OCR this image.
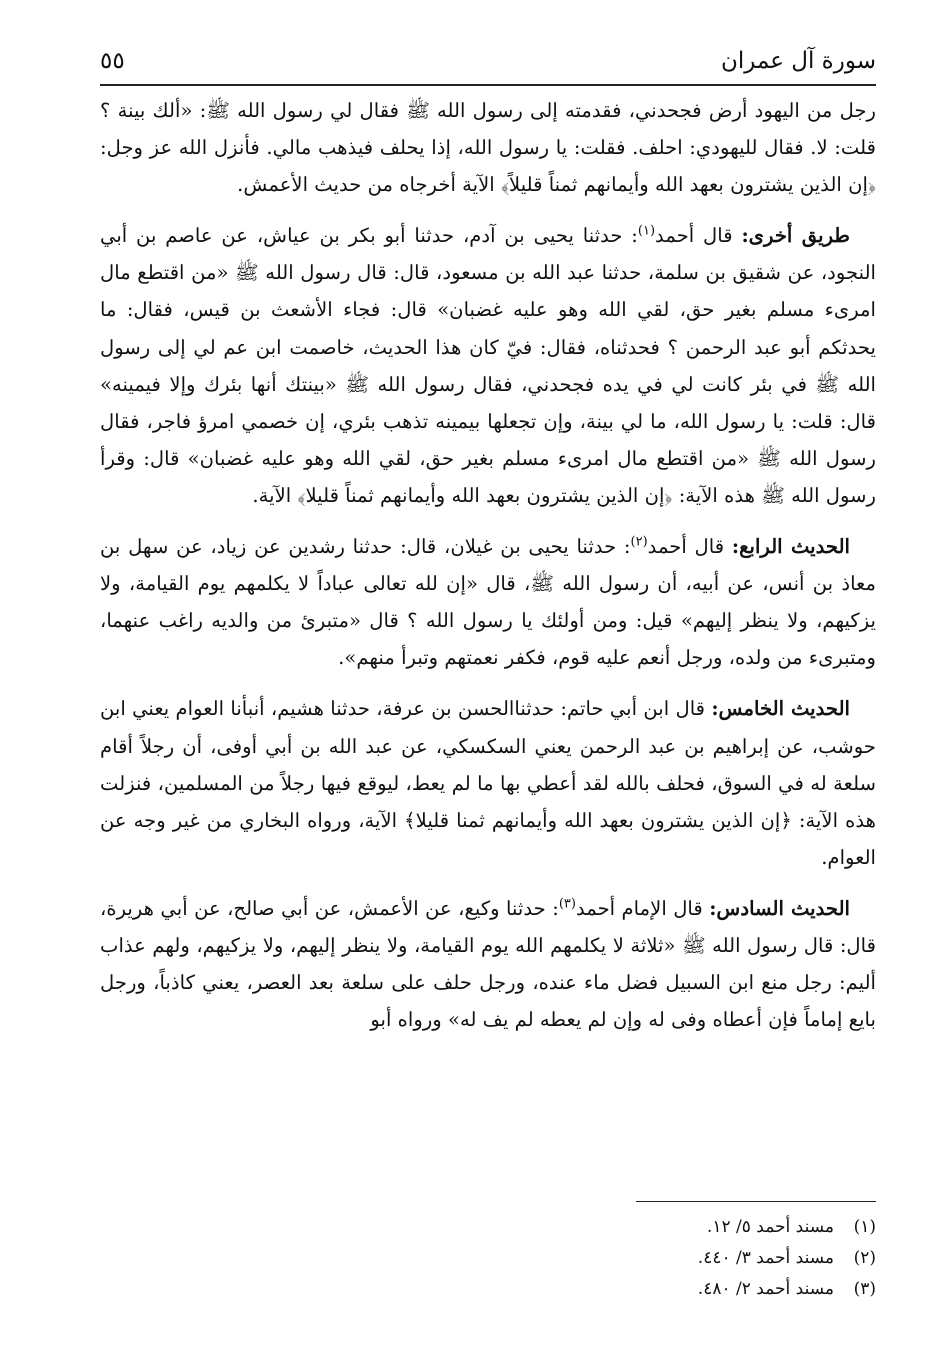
سورة آل عمران
٥٥

رجل من اليهود أرض فجحدني، فقدمته إلى رسول الله ﷺ فقال لي رسول الله ﷺ: «ألك بينة ؟ قلت: لا. فقال لليهودي: احلف. فقلت: يا رسول الله، إذا يحلف فيذهب مالي. فأنزل الله عز وجل: ﴿إن الذين يشترون بعهد الله وأيمانهم ثمناً قليلاً﴾ الآية أخرجاه من حديث الأعمش.

طريق أخرى: قال أحمد$^{(١)}$: حدثنا يحيى بن آدم، حدثنا أبو بكر بن عياش، عن عاصم بن أبي النجود، عن شقيق بن سلمة، حدثنا عبد الله بن مسعود، قال: قال رسول الله ﷺ «من اقتطع مال امرىء مسلم بغير حق، لقي الله وهو عليه غضبان» قال: فجاء الأشعث بن قيس، فقال: ما يحدثكم أبو عبد الرحمن ؟ فحدثناه، فقال: فيّ كان هذا الحديث، خاصمت ابن عم لي إلى رسول الله ﷺ في بئر كانت لي في يده فجحدني، فقال رسول الله ﷺ «بينتك أنها بئرك وإلا فيمينه» قال: قلت: يا رسول الله، ما لي بينة، وإن تجعلها بيمينه تذهب بئري، إن خصمي امرؤ فاجر، فقال رسول الله ﷺ «من اقتطع مال امرىء مسلم بغير حق، لقي الله وهو عليه غضبان» قال: وقرأ رسول الله ﷺ هذه الآية: ﴿إن الذين يشترون بعهد الله وأيمانهم ثمناً قليلا﴾ الآية.

الحديث الرابع: قال أحمد$^{(٢)}$: حدثنا يحيى بن غيلان، قال: حدثنا رشدين عن زياد، عن سهل بن معاذ بن أنس، عن أبيه، أن رسول الله ﷺ، قال «إن لله تعالى عباداً لا يكلمهم يوم القيامة، ولا يزكيهم، ولا ينظر إليهم» قيل: ومن أولئك يا رسول الله ؟ قال «متبرئ من والديه راغب عنهما، ومتبرىء من ولده، ورجل أنعم عليه قوم، فكفر نعمتهم وتبرأ منهم».

الحديث الخامس: قال ابن أبي حاتم: حدثناالحسن بن عرفة، حدثنا هشيم، أنبأنا العوام يعني ابن حوشب، عن إبراهيم بن عبد الرحمن يعني السكسكي، عن عبد الله بن أبي أوفى، أن رجلاً أقام سلعة له في السوق، فحلف بالله لقد أعطي بها ما لم يعط، ليوقع فيها رجلاً من المسلمين، فنزلت هذه الآية: ﴿إن الذين يشترون بعهد الله وأيمانهم ثمنا قليلا﴾ الآية، ورواه البخاري من غير وجه عن العوام.

الحديث السادس: قال الإمام أحمد$^{(٣)}$: حدثنا وكيع، عن الأعمش، عن أبي صالح، عن أبي هريرة، قال: قال رسول الله ﷺ «ثلاثة لا يكلمهم الله يوم القيامة، ولا ينظر إليهم، ولا يزكيهم، ولهم عذاب أليم: رجل منع ابن السبيل فضل ماء عنده، ورجل حلف على سلعة بعد العصر، يعني كاذباً، ورجل بايع إماماً فإن أعطاه وفى له وإن لم يعطه لم يف له» ورواه أبو

(١)مسند أحمد ٥/ ١٢.
(٢)مسند أحمد ٣/ ٤٤٠.
(٣)مسند أحمد ٢/ ٤٨٠.
